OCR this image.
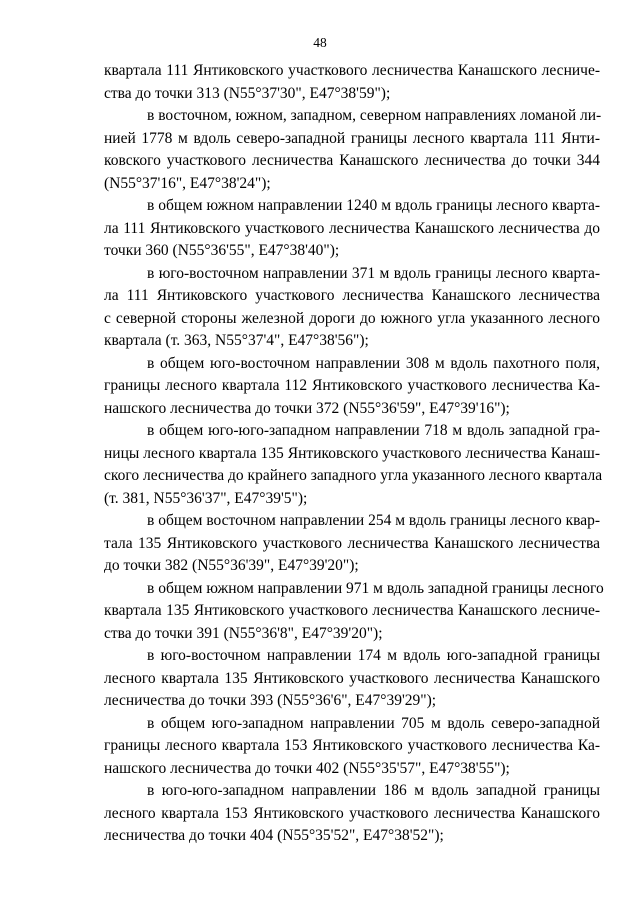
48

квартала 111 Янтиковского участкового лесничества Канашского лесниче-
ства до точки 313 (N55°37'30", E47°38'59");

в восточном, южном, западном, северном направлениях ломаной ли-
нией 1778 м вдоль северо-западной границы лесного квартала 111 Янти-
ковского участкового лесничества Канашского лесничества до точки 344
(N55°37'16", E47°38'24");

в общем южном направлении 1240 м вдоль границы лесного кварта-
ла 111 Янтиковского участкового лесничества Канашского лесничества до
точки 360 (N55°36'55", E47°38'40");

в юго-восточном направлении 371 м вдоль границы лесного кварта-
ла 111 Янтиковского участкового лесничества Канашского лесничества
с северной стороны железной дороги до южного угла указанного лесного
квартала (т. 363, N55°37'4", E47°38'56");

в общем юго-восточном направлении 308 м вдоль пахотного поля,
границы лесного квартала 112 Янтиковского участкового лесничества Ка-
нашского лесничества до точки 372 (N55°36'59", E47°39'16");

в общем юго-юго-западном направлении 718 м вдоль западной гра-
ницы лесного квартала 135 Янтиковского участкового лесничества Канаш-
ского лесничества до крайнего западного угла указанного лесного квартала
(т. 381, N55°36'37", E47°39'5");

в общем восточном направлении 254 м вдоль границы лесного квар-
тала 135 Янтиковского участкового лесничества Канашского лесничества
до точки 382 (N55°36'39", E47°39'20");

в общем южном направлении 971 м вдоль западной границы лесного
квартала 135 Янтиковского участкового лесничества Канашского лесниче-
ства до точки 391 (N55°36'8", E47°39'20");

в юго-восточном направлении 174 м вдоль юго-западной границы
лесного квартала 135 Янтиковского участкового лесничества Канашского
лесничества до точки 393 (N55°36'6", E47°39'29");

в общем юго-западном направлении 705 м вдоль северо-западной
границы лесного квартала 153 Янтиковского участкового лесничества Ка-
нашского лесничества до точки 402 (N55°35'57", E47°38'55");

в юго-юго-западном направлении 186 м вдоль западной границы
лесного квартала 153 Янтиковского участкового лесничества Канашского
лесничества до точки 404 (N55°35'52", E47°38'52");
